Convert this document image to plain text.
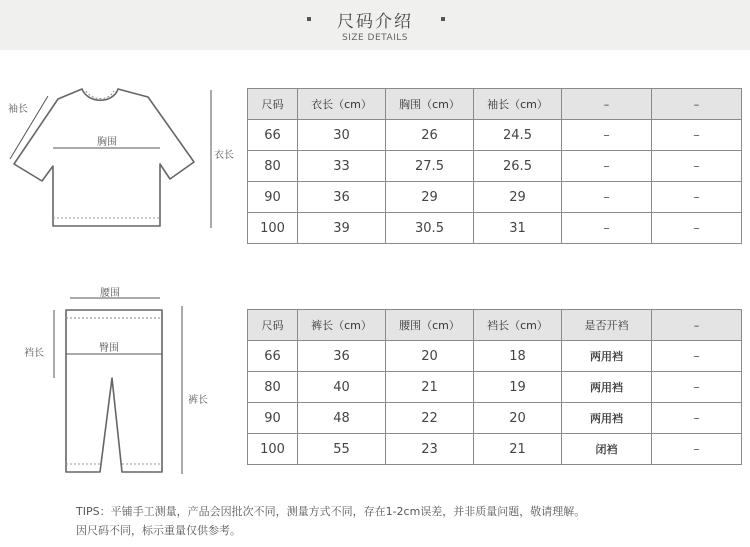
尺码介绍
SIZE DETAILS
袖长
胸围
衣长
尺码	衣长（cm）	胸围（cm）	袖长（cm）	–	–
66	30	26	24.5	–	–
80	33	27.5	26.5	–	–
90	36	29	29	–	–
100	39	30.5	31	–	–
腰围
裆长	臀围
裤长
尺码	裤长（cm）	腰围（cm）	裆长（cm）	是否开裆	–
66	36	20	18	两用裆	–
80	40	21	19	两用裆	–
90	48	22	20	两用裆	–
100	55	23	21	闭裆	–
TIPS：平铺手工测量，产品会因批次不同，测量方式不同，存在1-2cm误差，并非质量问题，敬请理解。
因尺码不同，标示重量仅供参考。
